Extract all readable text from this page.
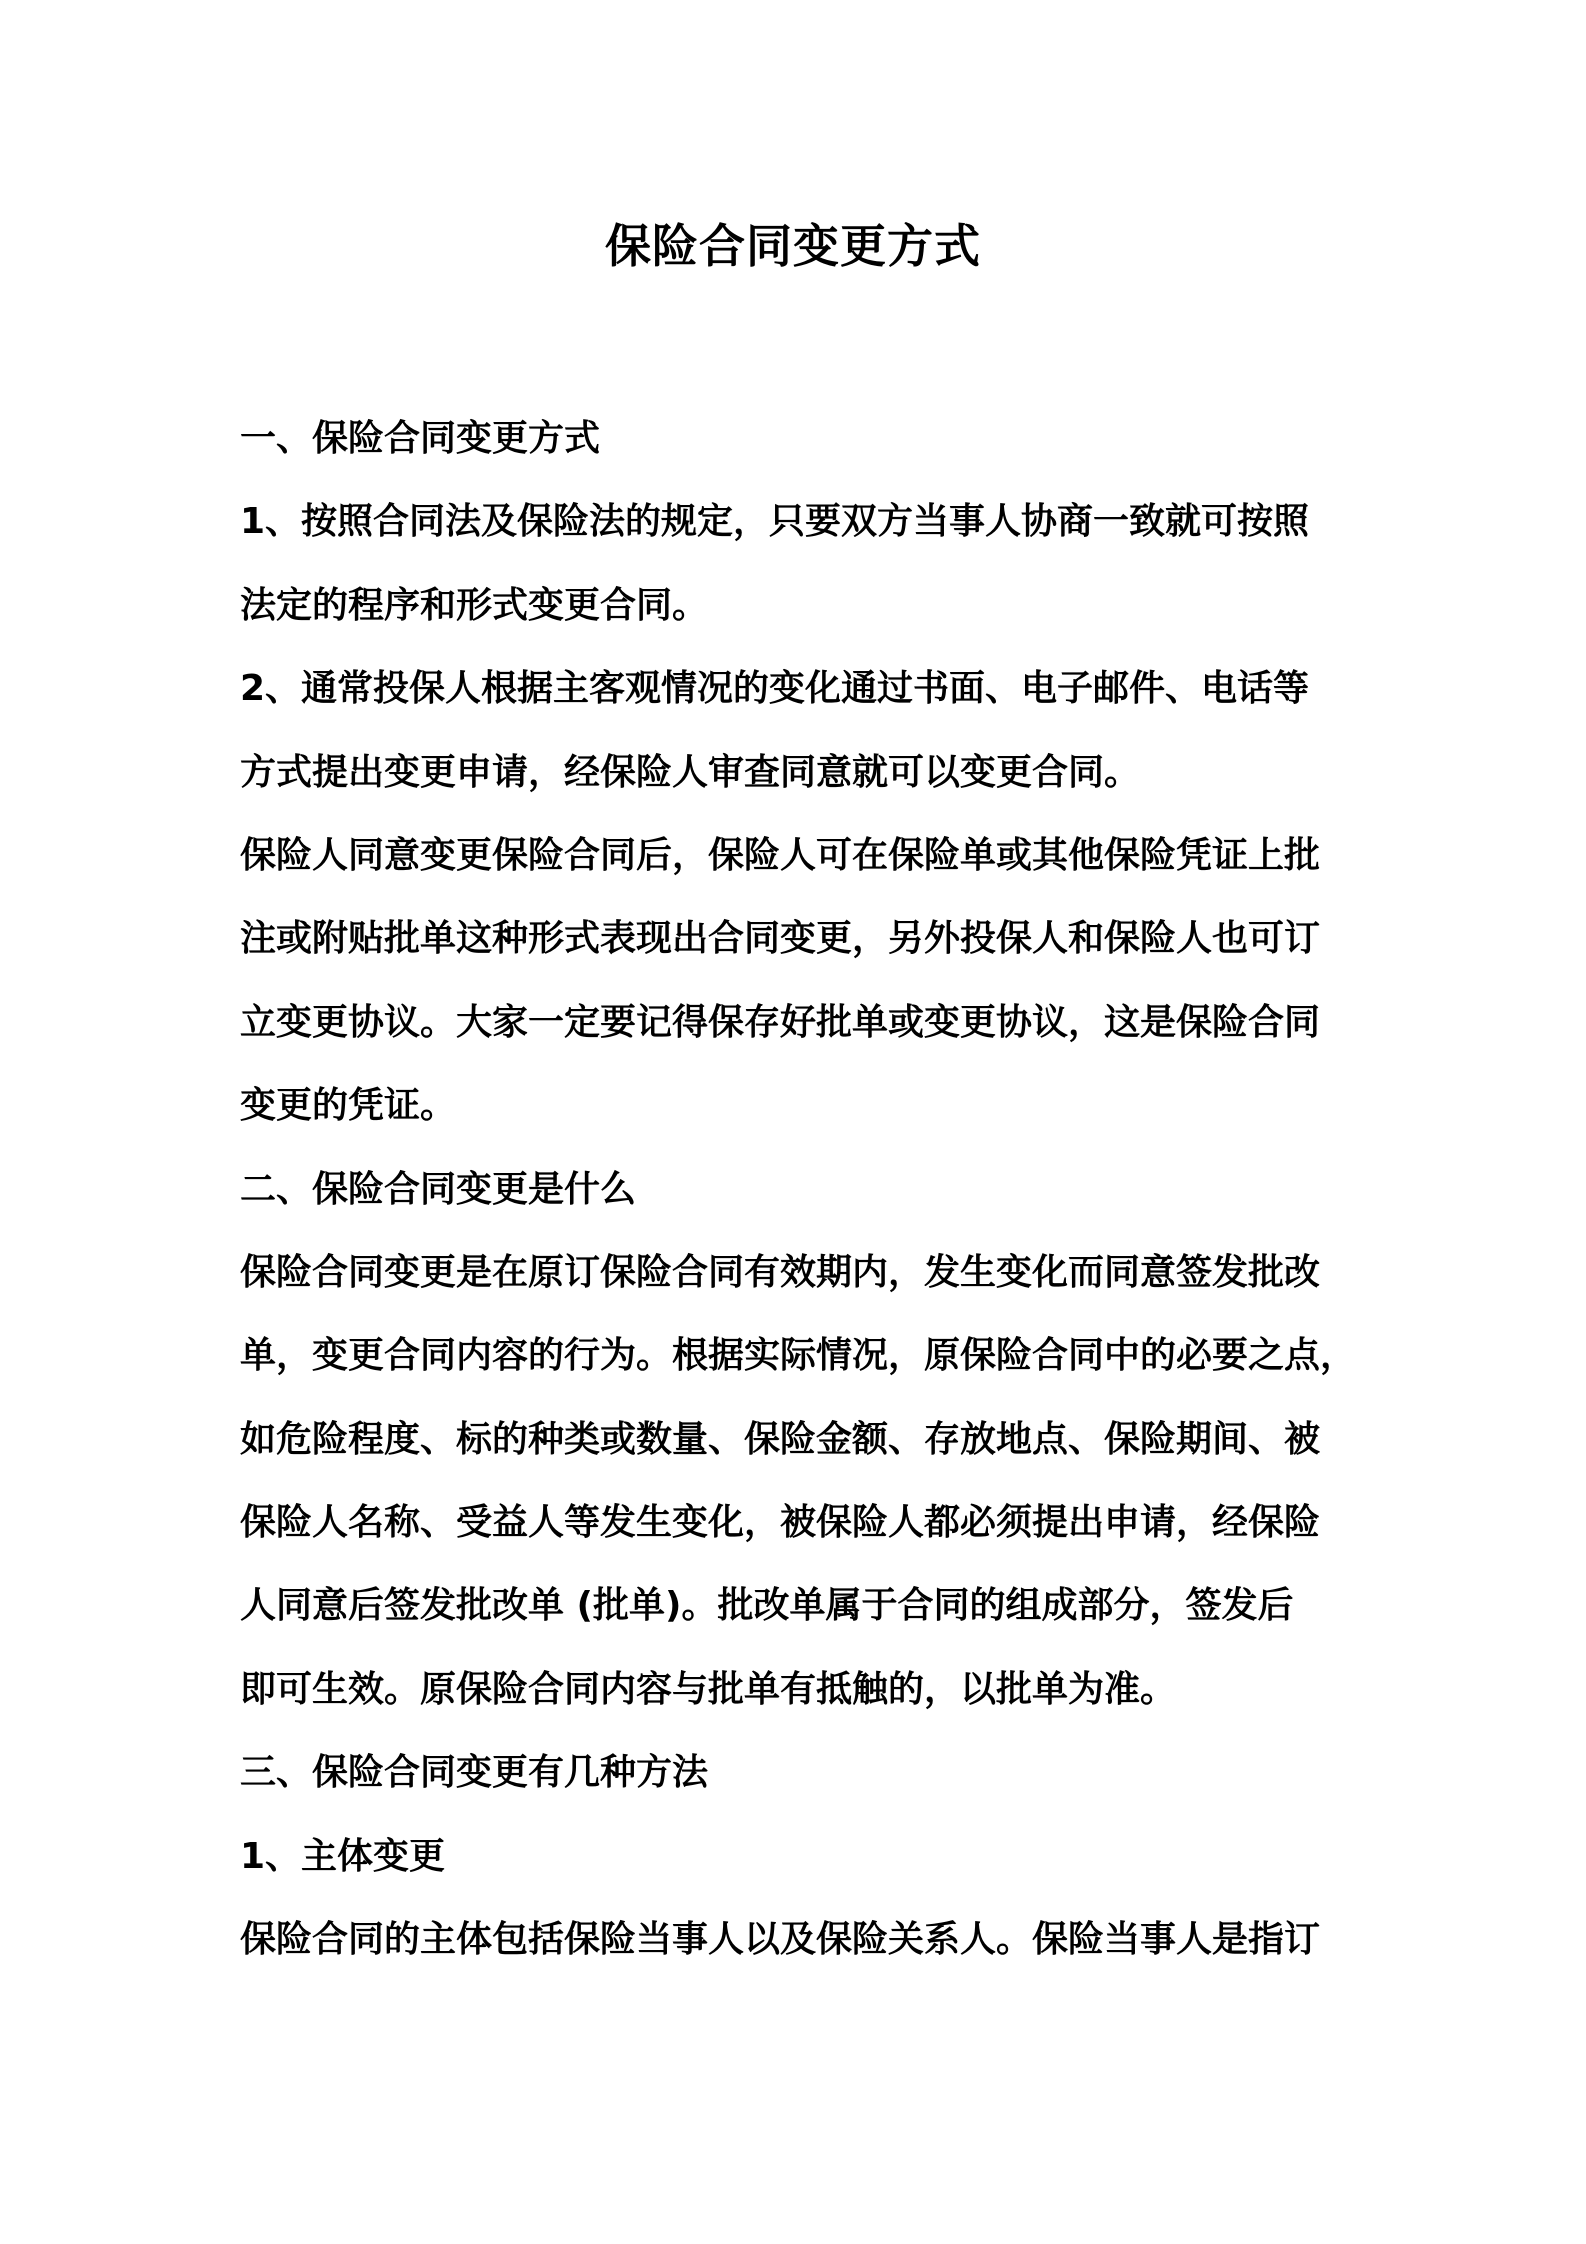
保险合同变更方式
一、保险合同变更方式
1、按照合同法及保险法的规定，只要双方当事人协商一致就可按照
法定的程序和形式变更合同。
2、通常投保人根据主客观情况的变化通过书面、电子邮件、电话等
方式提出变更申请，经保险人审查同意就可以变更合同。
保险人同意变更保险合同后，保险人可在保险单或其他保险凭证上批
注或附贴批单这种形式表现出合同变更，另外投保人和保险人也可订
立变更协议。大家一定要记得保存好批单或变更协议，这是保险合同
变更的凭证。
二、保险合同变更是什么
保险合同变更是在原订保险合同有效期内，发生变化而同意签发批改
单，变更合同内容的行为。根据实际情况，原保险合同中的必要之点，
如危险程度、标的种类或数量、保险金额、存放地点、保险期间、被
保险人名称、受益人等发生变化，被保险人都必须提出申请，经保险
人同意后签发批改单 (批单)。批改单属于合同的组成部分，签发后
即可生效。原保险合同内容与批单有抵触的，以批单为准。
三、保险合同变更有几种方法
1、主体变更
保险合同的主体包括保险当事人以及保险关系人。保险当事人是指订
